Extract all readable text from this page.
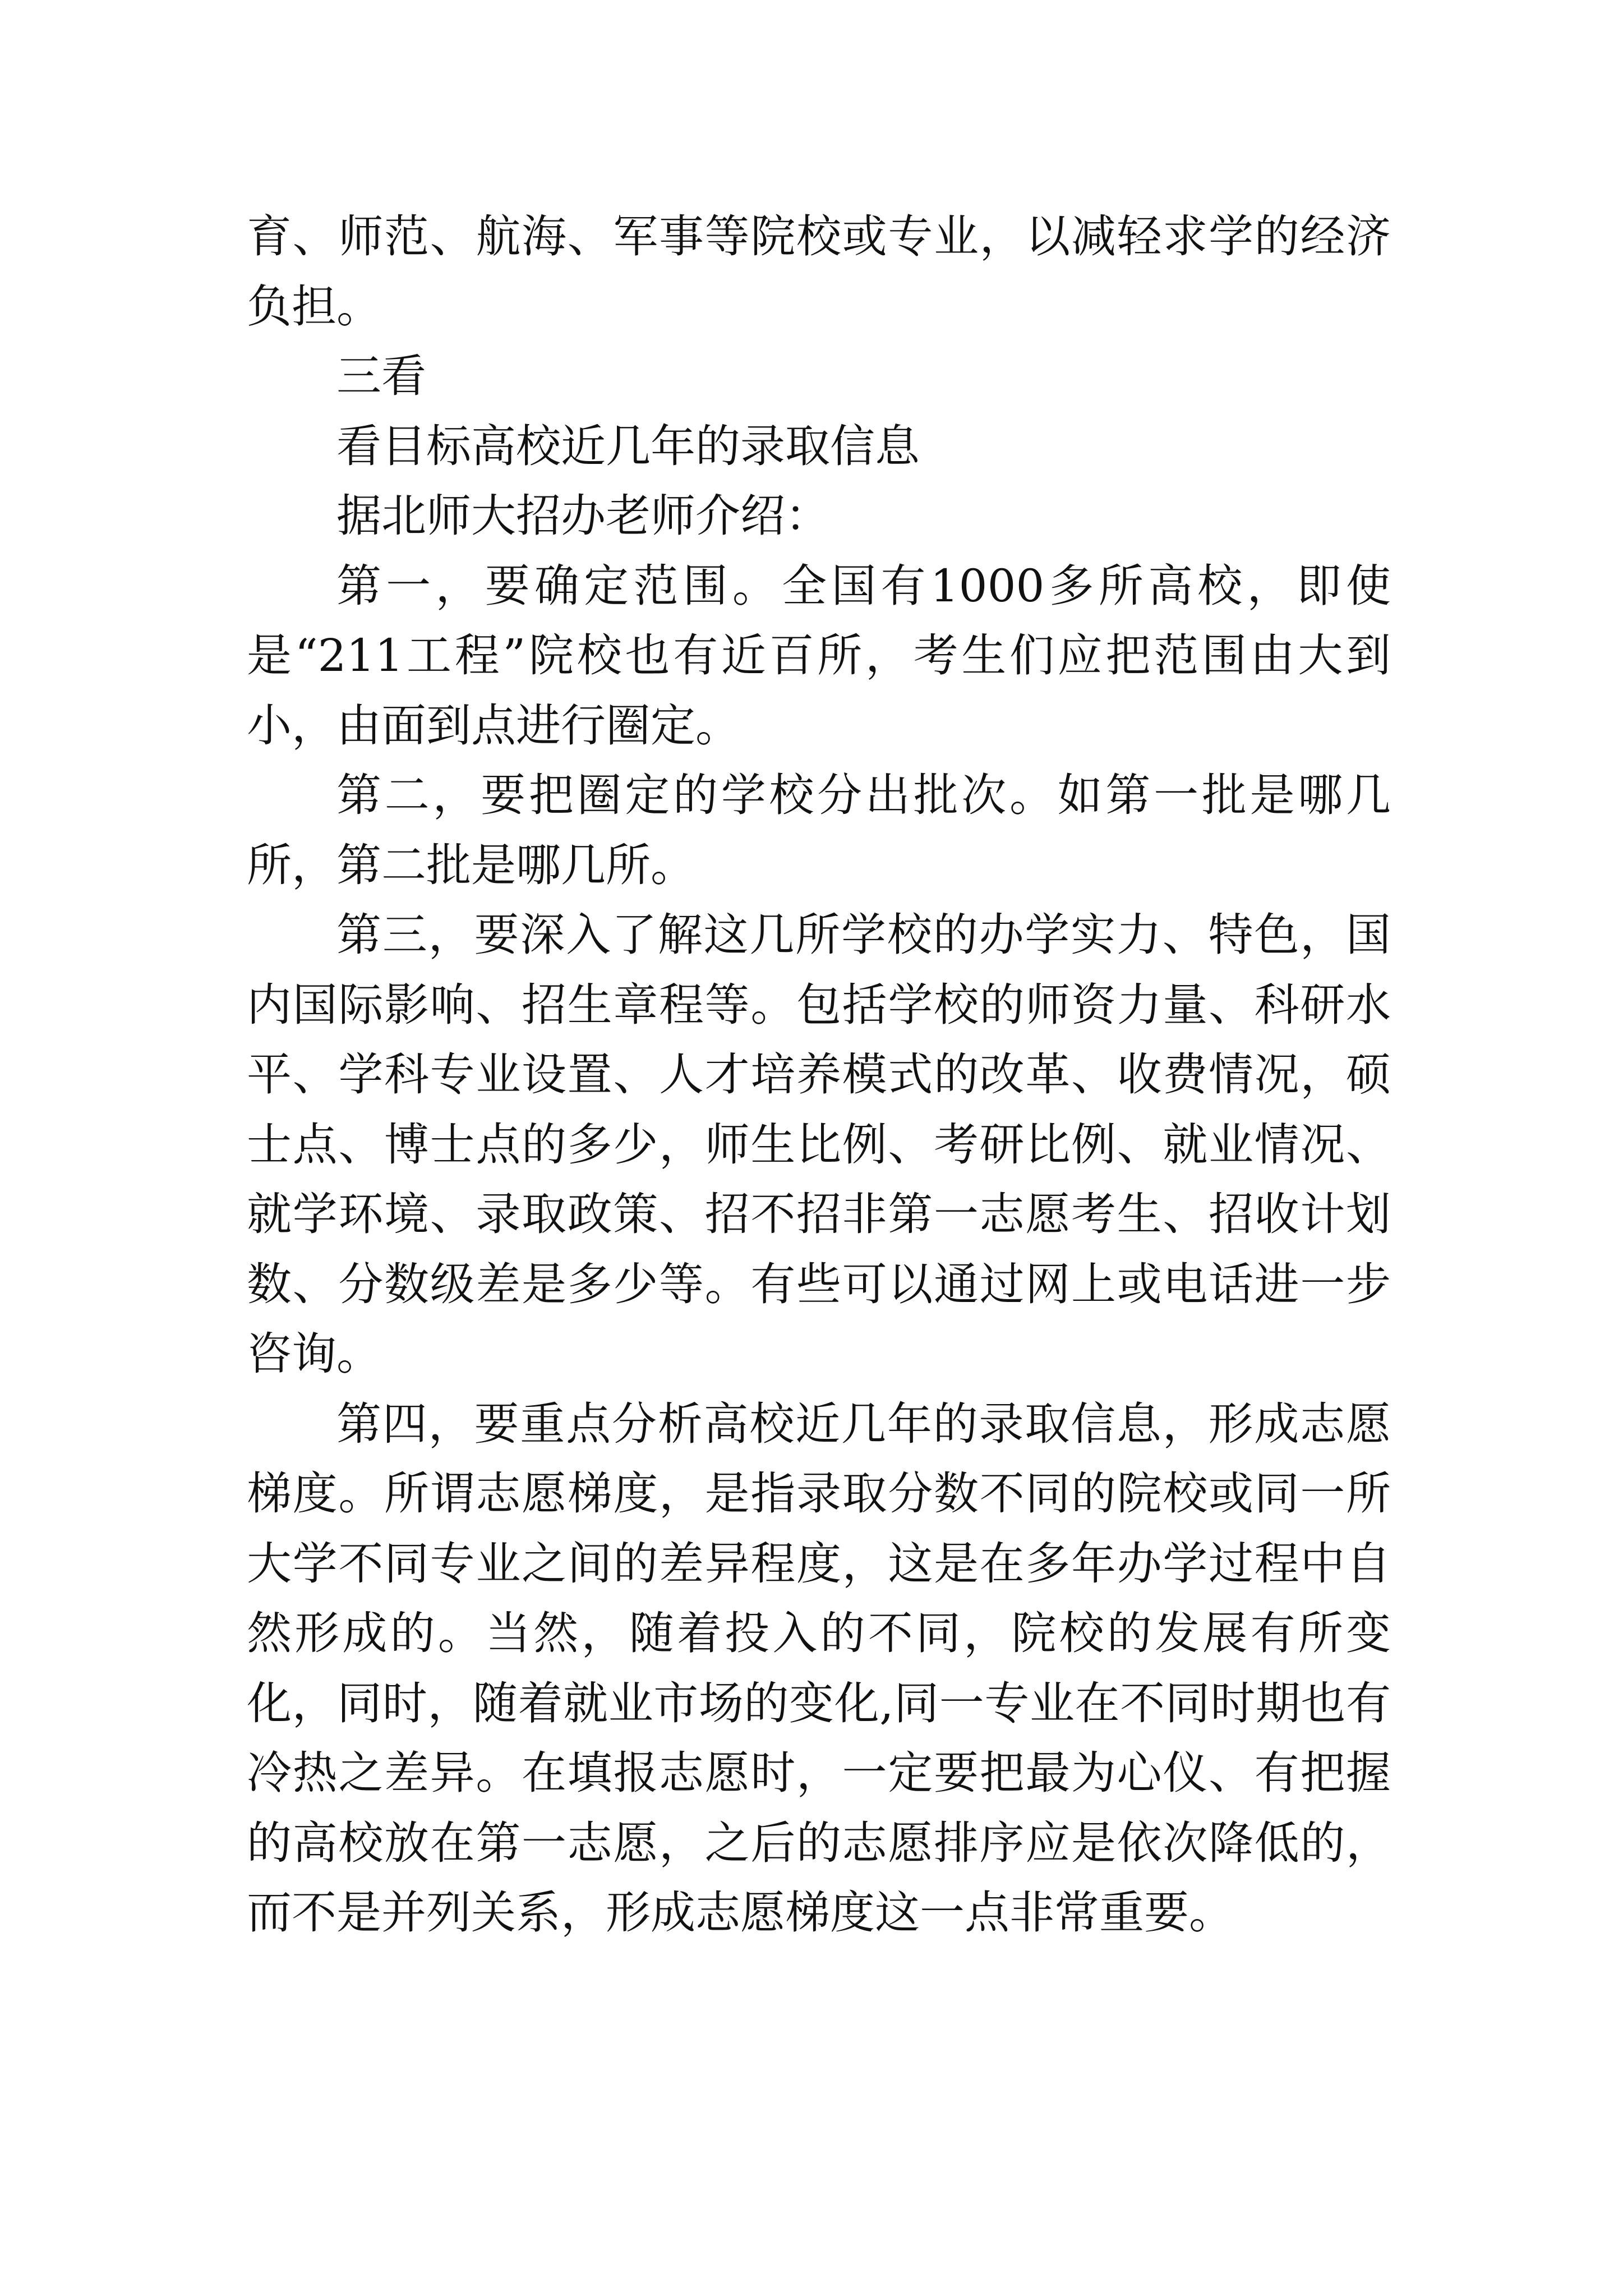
育、师范、航海、军事等院校或专业，以减轻求学的经济负担。

三看

看目标高校近几年的录取信息

据北师大招办老师介绍：

第一，要确定范围。全国有1000多所高校，即使是“211工程”院校也有近百所，考生们应把范围由大到小，由面到点进行圈定。

第二，要把圈定的学校分出批次。如第一批是哪几所，第二批是哪几所。

第三，要深入了解这几所学校的办学实力、特色，国内国际影响、招生章程等。包括学校的师资力量、科研水平、学科专业设置、人才培养模式的改革、收费情况，硕士点、博士点的多少，师生比例、考研比例、就业情况、就学环境、录取政策、招不招非第一志愿考生、招收计划数、分数级差是多少等。有些可以通过网上或电话进一步咨询。

第四，要重点分析高校近几年的录取信息，形成志愿梯度。所谓志愿梯度，是指录取分数不同的院校或同一所大学不同专业之间的差异程度，这是在多年办学过程中自然形成的。当然，随着投入的不同，院校的发展有所变化，同时，随着就业市场的变化,同一专业在不同时期也有冷热之差异。在填报志愿时，一定要把最为心仪、有把握的高校放在第一志愿，之后的志愿排序应是依次降低的，而不是并列关系，形成志愿梯度这一点非常重要。
